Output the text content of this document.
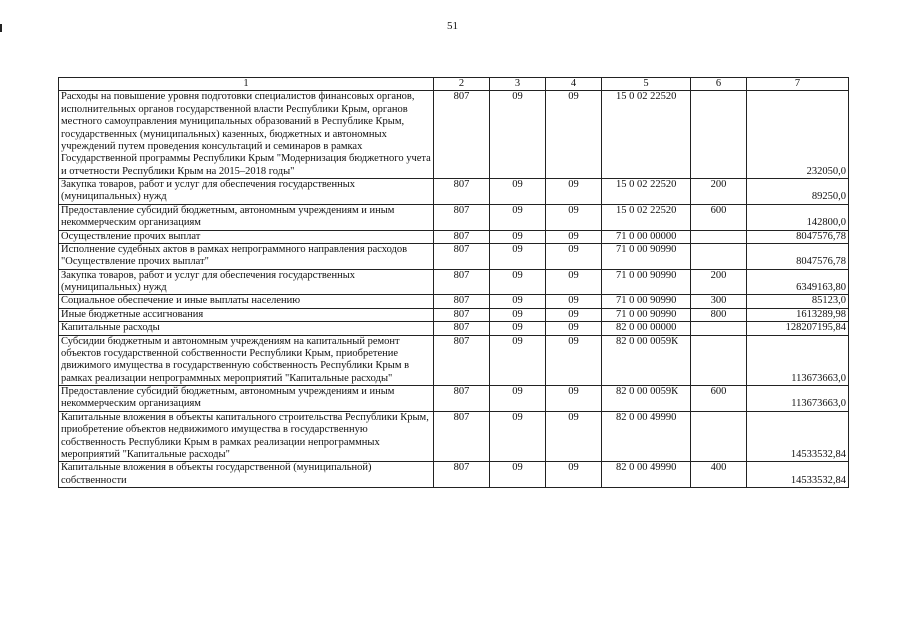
51
1	2	3	4	5	6	7
Расходы на повышение уровня подготовки специалистов финансовых органов, исполнительных органов государственной власти Республики Крым, органов местного самоуправления муниципальных образований в Республике Крым, государственных (муниципальных) казенных, бюджетных и автономных учреждений путем проведения консультаций и семинаров в рамках Государственной программы Республики Крым "Модернизация бюджетного учета и отчетности Республики Крым на 2015–2018 годы"	807	09	09	15 0 02 22520		232050,0
Закупка товаров, работ и услуг для обеспечения государственных (муниципальных) нужд	807	09	09	15 0 02 22520	200	89250,0
Предоставление субсидий бюджетным, автономным учреждениям и иным некоммерческим организациям	807	09	09	15 0 02 22520	600	142800,0
Осуществление прочих выплат	807	09	09	71 0 00 00000		8047576,78
Исполнение судебных актов в рамках непрограммного направления расходов "Осуществление прочих выплат"	807	09	09	71 0 00 90990		8047576,78
Закупка товаров, работ и услуг для обеспечения государственных (муниципальных) нужд	807	09	09	71 0 00 90990	200	6349163,80
Социальное обеспечение и иные выплаты населению	807	09	09	71 0 00 90990	300	85123,0
Иные бюджетные ассигнования	807	09	09	71 0 00 90990	800	1613289,98
Капитальные расходы	807	09	09	82 0 00 00000		128207195,84
Субсидии бюджетным и автономным учреждениям на капитальный ремонт объектов государственной собственности Республики Крым, приобретение движимого имущества в государственную собственность Республики Крым в рамках реализации непрограммных мероприятий "Капитальные расходы"	807	09	09	82 0 00 0059К		113673663,0
Предоставление субсидий бюджетным, автономным учреждениям и иным некоммерческим организациям	807	09	09	82 0 00 0059К	600	113673663,0
Капитальные вложения в объекты капитального строительства Республики Крым, приобретение объектов недвижимого имущества в государственную собственность Республики Крым в рамках реализации непрограммных мероприятий "Капитальные расходы"	807	09	09	82 0 00 49990		14533532,84
Капитальные вложения в объекты государственной (муниципальной) собственности	807	09	09	82 0 00 49990	400	14533532,84
